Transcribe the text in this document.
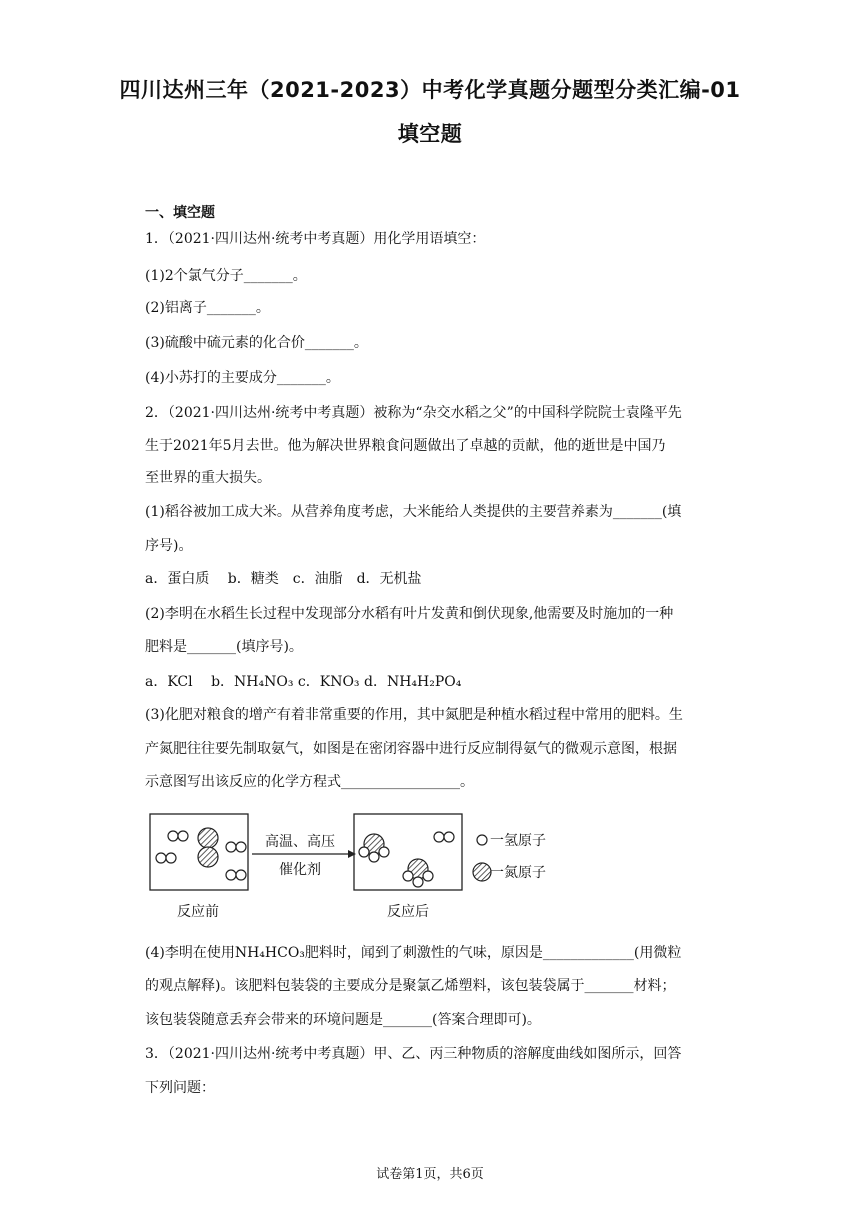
四川达州三年（2021-2023）中考化学真题分题型分类汇编-01
填空题
一、填空题
1．（2021·四川达州·统考中考真题）用化学用语填空：
(1)2个氯气分子_______。
(2)铝离子_______。
(3)硫酸中硫元素的化合价_______。
(4)小苏打的主要成分_______。
2．（2021·四川达州·统考中考真题）被称为“杂交水稻之父”的中国科学院院士袁隆平先
生于2021年5月去世。他为解决世界粮食问题做出了卓越的贡献，他的逝世是中国乃
至世界的重大损失。
(1)稻谷被加工成大米。从营养角度考虑，大米能给人类提供的主要营养素为_______(填
序号)。
a．蛋白质　 b．糖类　c．油脂　d．无机盐
(2)李明在水稻生长过程中发现部分水稻有叶片发黄和倒伏现象,他需要及时施加的一种
肥料是_______(填序号)。
a．KCl　 b．NH₄NO₃ c．KNO₃ d．NH₄H₂PO₄
(3)化肥对粮食的增产有着非常重要的作用，其中氮肥是种植水稻过程中常用的肥料。生
产氮肥往往要先制取氨气，如图是在密闭容器中进行反应制得氨气的微观示意图，根据
示意图写出该反应的化学方程式_________________。
高温、高压
催化剂
一氢原子
一氮原子
反应前	反应后
(4)李明在使用NH₄HCO₃肥料时，闻到了刺激性的气味，原因是_____________(用微粒
的观点解释)。该肥料包装袋的主要成分是聚氯乙烯塑料，该包装袋属于_______材料；
该包装袋随意丢弃会带来的环境问题是_______(答案合理即可)。
3．（2021·四川达州·统考中考真题）甲、乙、丙三种物质的溶解度曲线如图所示，回答
下列问题：
试卷第1页，共6页
